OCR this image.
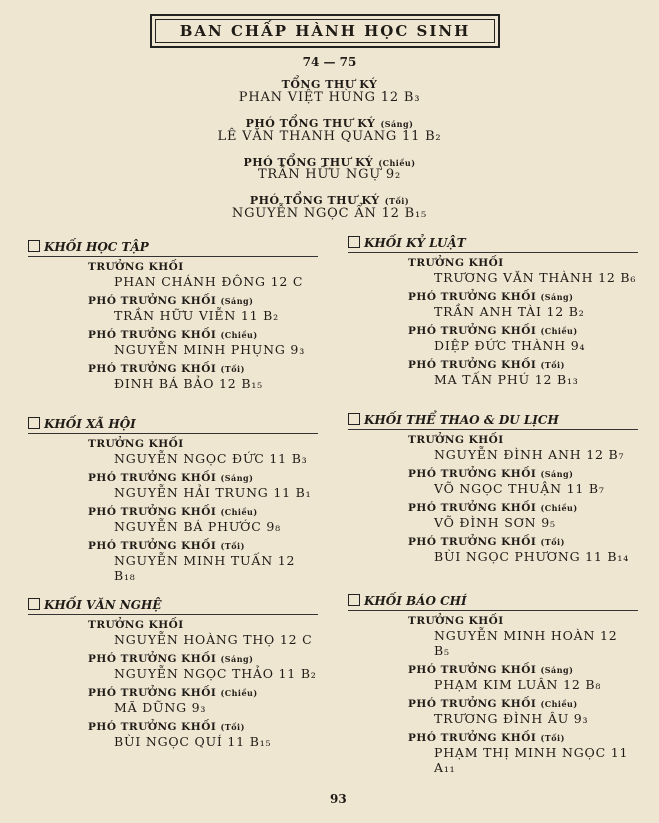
BAN CHẤP HÀNH HỌC SINH
74 — 75
TỔNG THƯ KÝ
PHAN VIỆT HÙNG 12 B₃
PHÓ TỔNG THƯ KÝ (Sáng)
LÊ VĂN THANH QUANG 11 B₂
PHÓ TỔNG THƯ KÝ (Chiều)
TRẦN HỮU NGỰ 9₂
PHÓ TỔNG THƯ KÝ (Tối)
NGUYỄN NGỌC ẨN 12 B₁₅
KHỐI HỌC TẬP
TRƯỞNG KHỐI
PHAN CHÁNH ĐÔNG 12 C
PHÓ TRƯỞNG KHỐI (Sáng)
TRẦN HỮU VIỄN 11 B₂
PHÓ TRƯỞNG KHỐI (Chiều)
NGUYỄN MINH PHỤNG 9₃
PHÓ TRƯỞNG KHỐI (Tối)
ĐINH BÁ BẢO 12 B₁₅
KHỐI KỶ LUẬT
TRƯỞNG KHỐI
TRƯƠNG VĂN THÀNH 12 B₆
PHÓ TRƯỞNG KHỐI (Sáng)
TRẦN ANH TÀI 12 B₂
PHÓ TRƯỞNG KHỐI (Chiều)
DIỆP ĐỨC THÀNH 9₄
PHÓ TRƯỞNG KHỐI (Tối)
MA TẤN PHÚ 12 B₁₃
KHỐI XÃ HỘI
TRƯỞNG KHỐI
NGUYỄN NGỌC ĐỨC 11 B₃
PHÓ TRƯỞNG KHỐI (Sáng)
NGUYỄN HẢI TRUNG 11 B₁
PHÓ TRƯỞNG KHỐI (Chiều)
NGUYỄN BÁ PHƯỚC 9₈
PHÓ TRƯỞNG KHỐI (Tối)
NGUYỄN MINH TUẤN 12 B₁₈
KHỐI THỂ THAO & DU LỊCH
TRƯỞNG KHỐI
NGUYỄN ĐÌNH ANH 12 B₇
PHÓ TRƯỞNG KHỐI (Sáng)
VÕ NGỌC THUẬN 11 B₇
PHÓ TRƯỞNG KHỐI (Chiều)
VÕ ĐÌNH SƠN 9₅
PHÓ TRƯỞNG KHỐI (Tối)
BÙI NGỌC PHƯƠNG 11 B₁₄
KHỐI VĂN NGHỆ
TRƯỞNG KHỐI
NGUYỄN HOÀNG THỌ 12 C
PHÓ TRƯỞNG KHỐI (Sáng)
NGUYỄN NGỌC THẢO 11 B₂
PHÓ TRƯỞNG KHỐI (Chiều)
MÃ DŨNG 9₃
PHÓ TRƯỞNG KHỐI (Tối)
BÙI NGỌC QUÍ 11 B₁₅
KHỐI BÁO CHÍ
TRƯỞNG KHỐI
NGUYỄN MINH HOÀN 12 B₅
PHÓ TRƯỞNG KHỐI (Sáng)
PHẠM KIM LUÂN 12 B₈
PHÓ TRƯỞNG KHỐI (Chiều)
TRƯƠNG ĐÌNH ÂU 9₃
PHÓ TRƯỞNG KHỐI (Tối)
PHẠM THỊ MINH NGỌC 11 A₁₁
93
